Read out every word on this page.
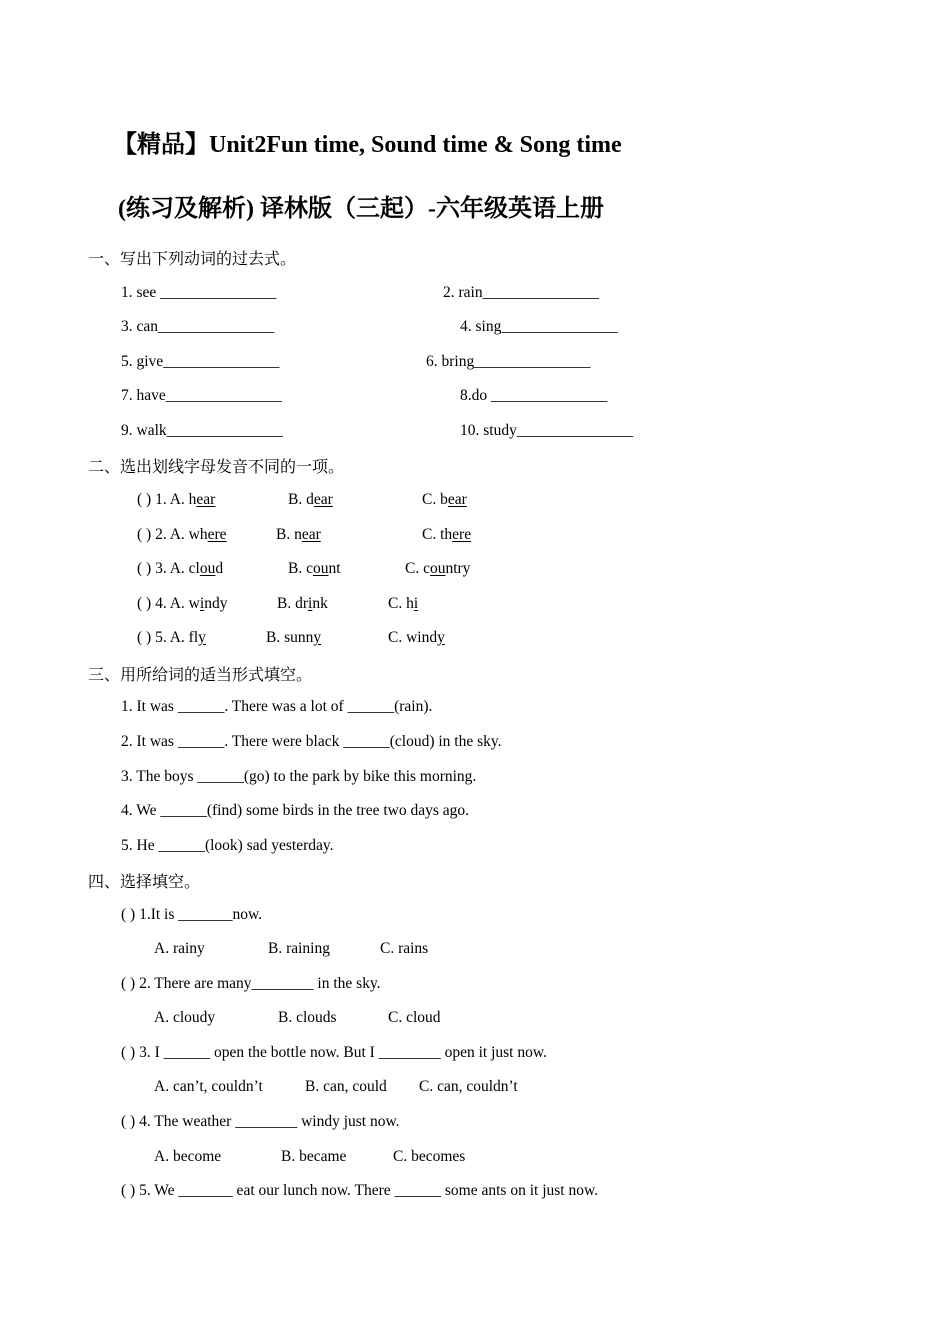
【精品】Unit2Fun time, Sound time & Song time
(练习及解析) 译林版（三起）-六年级英语上册
一、写出下列动词的过去式。
1. see _______________	2. rain_______________
3. can_______________	4. sing_______________
5. give_______________	6. bring_______________
7. have_______________	8.do _______________
9. walk_______________	10. study_______________
二、选出划线字母发音不同的一项。
( ) 1. A. hear	B. dear	C. bear
( ) 2. A. where	B. near	C. there
( ) 3. A. cloud	B. count	C. country
( ) 4. A. windy	B. drink	C. hi
( ) 5. A. fly	B. sunny	C. windy
三、用所给词的适当形式填空。
1. It was ______. There was a lot of ______(rain).
2. It was ______. There were black ______(cloud) in the sky.
3. The boys ______(go) to the park by bike this morning.
4. We ______(find) some birds in the tree two days ago.
5. He ______(look) sad yesterday.
四、选择填空。
( ) 1.It is _______now.
A. rainy	B. raining	C. rains
( ) 2. There are many________ in the sky.
A. cloudy	B. clouds	C. cloud
( ) 3. I ______ open the bottle now. But I ________ open it just now.
A. can’t, couldn’t	B. can, could C. can, couldn’t
( ) 4. The weather ________ windy just now.
A. become	B. became	C. becomes
( ) 5. We _______ eat our lunch now. There ______ some ants on it just now.
